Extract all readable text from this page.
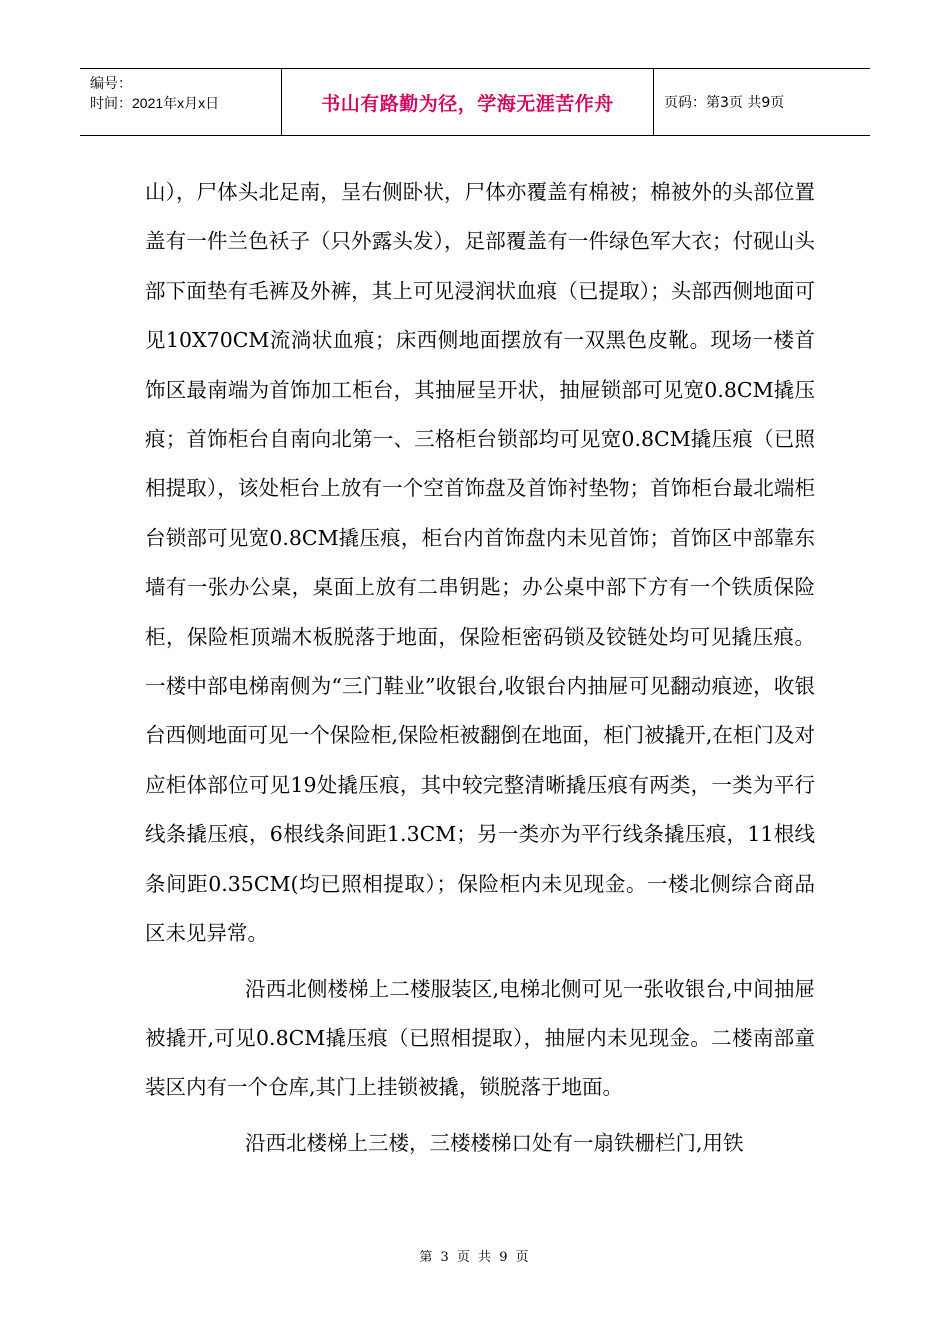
编号：
时间：2021年x月x日	书山有路勤为径，学海无涯苦作舟	页码：第3页 共9页

山），尸体头北足南，呈右侧卧状，尸体亦覆盖有棉被；棉被外的头部位置盖有一件兰色袄子（只外露头发），足部覆盖有一件绿色军大衣；付砚山头部下面垫有毛裤及外裤，其上可见浸润状血痕（已提取）；头部西侧地面可见10X70CM流淌状血痕；床西侧地面摆放有一双黑色皮靴。现场一楼首饰区最南端为首饰加工柜台，其抽屉呈开状，抽屉锁部可见宽0.8CM撬压痕；首饰柜台自南向北第一、三格柜台锁部均可见宽0.8CM撬压痕（已照相提取），该处柜台上放有一个空首饰盘及首饰衬垫物；首饰柜台最北端柜台锁部可见宽0.8CM撬压痕，柜台内首饰盘内未见首饰；首饰区中部靠东墙有一张办公桌，桌面上放有二串钥匙；办公桌中部下方有一个铁质保险柜，保险柜顶端木板脱落于地面，保险柜密码锁及铰链处均可见撬压痕。一楼中部电梯南侧为“三门鞋业”收银台,收银台内抽屉可见翻动痕迹，收银台西侧地面可见一个保险柜,保险柜被翻倒在地面，柜门被撬开,在柜门及对应柜体部位可见19处撬压痕，其中较完整清晰撬压痕有两类，一类为平行线条撬压痕，6根线条间距1.3CM；另一类亦为平行线条撬压痕，11根线条间距0.35CM(均已照相提取）；保险柜内未见现金。一楼北侧综合商品区未见异常。

沿西北侧楼梯上二楼服装区,电梯北侧可见一张收银台,中间抽屉被撬开,可见0.8CM撬压痕（已照相提取），抽屉内未见现金。二楼南部童装区内有一个仓库,其门上挂锁被撬，锁脱落于地面。

沿西北楼梯上三楼，三楼楼梯口处有一扇铁栅栏门,用铁

第 3 页 共 9 页
